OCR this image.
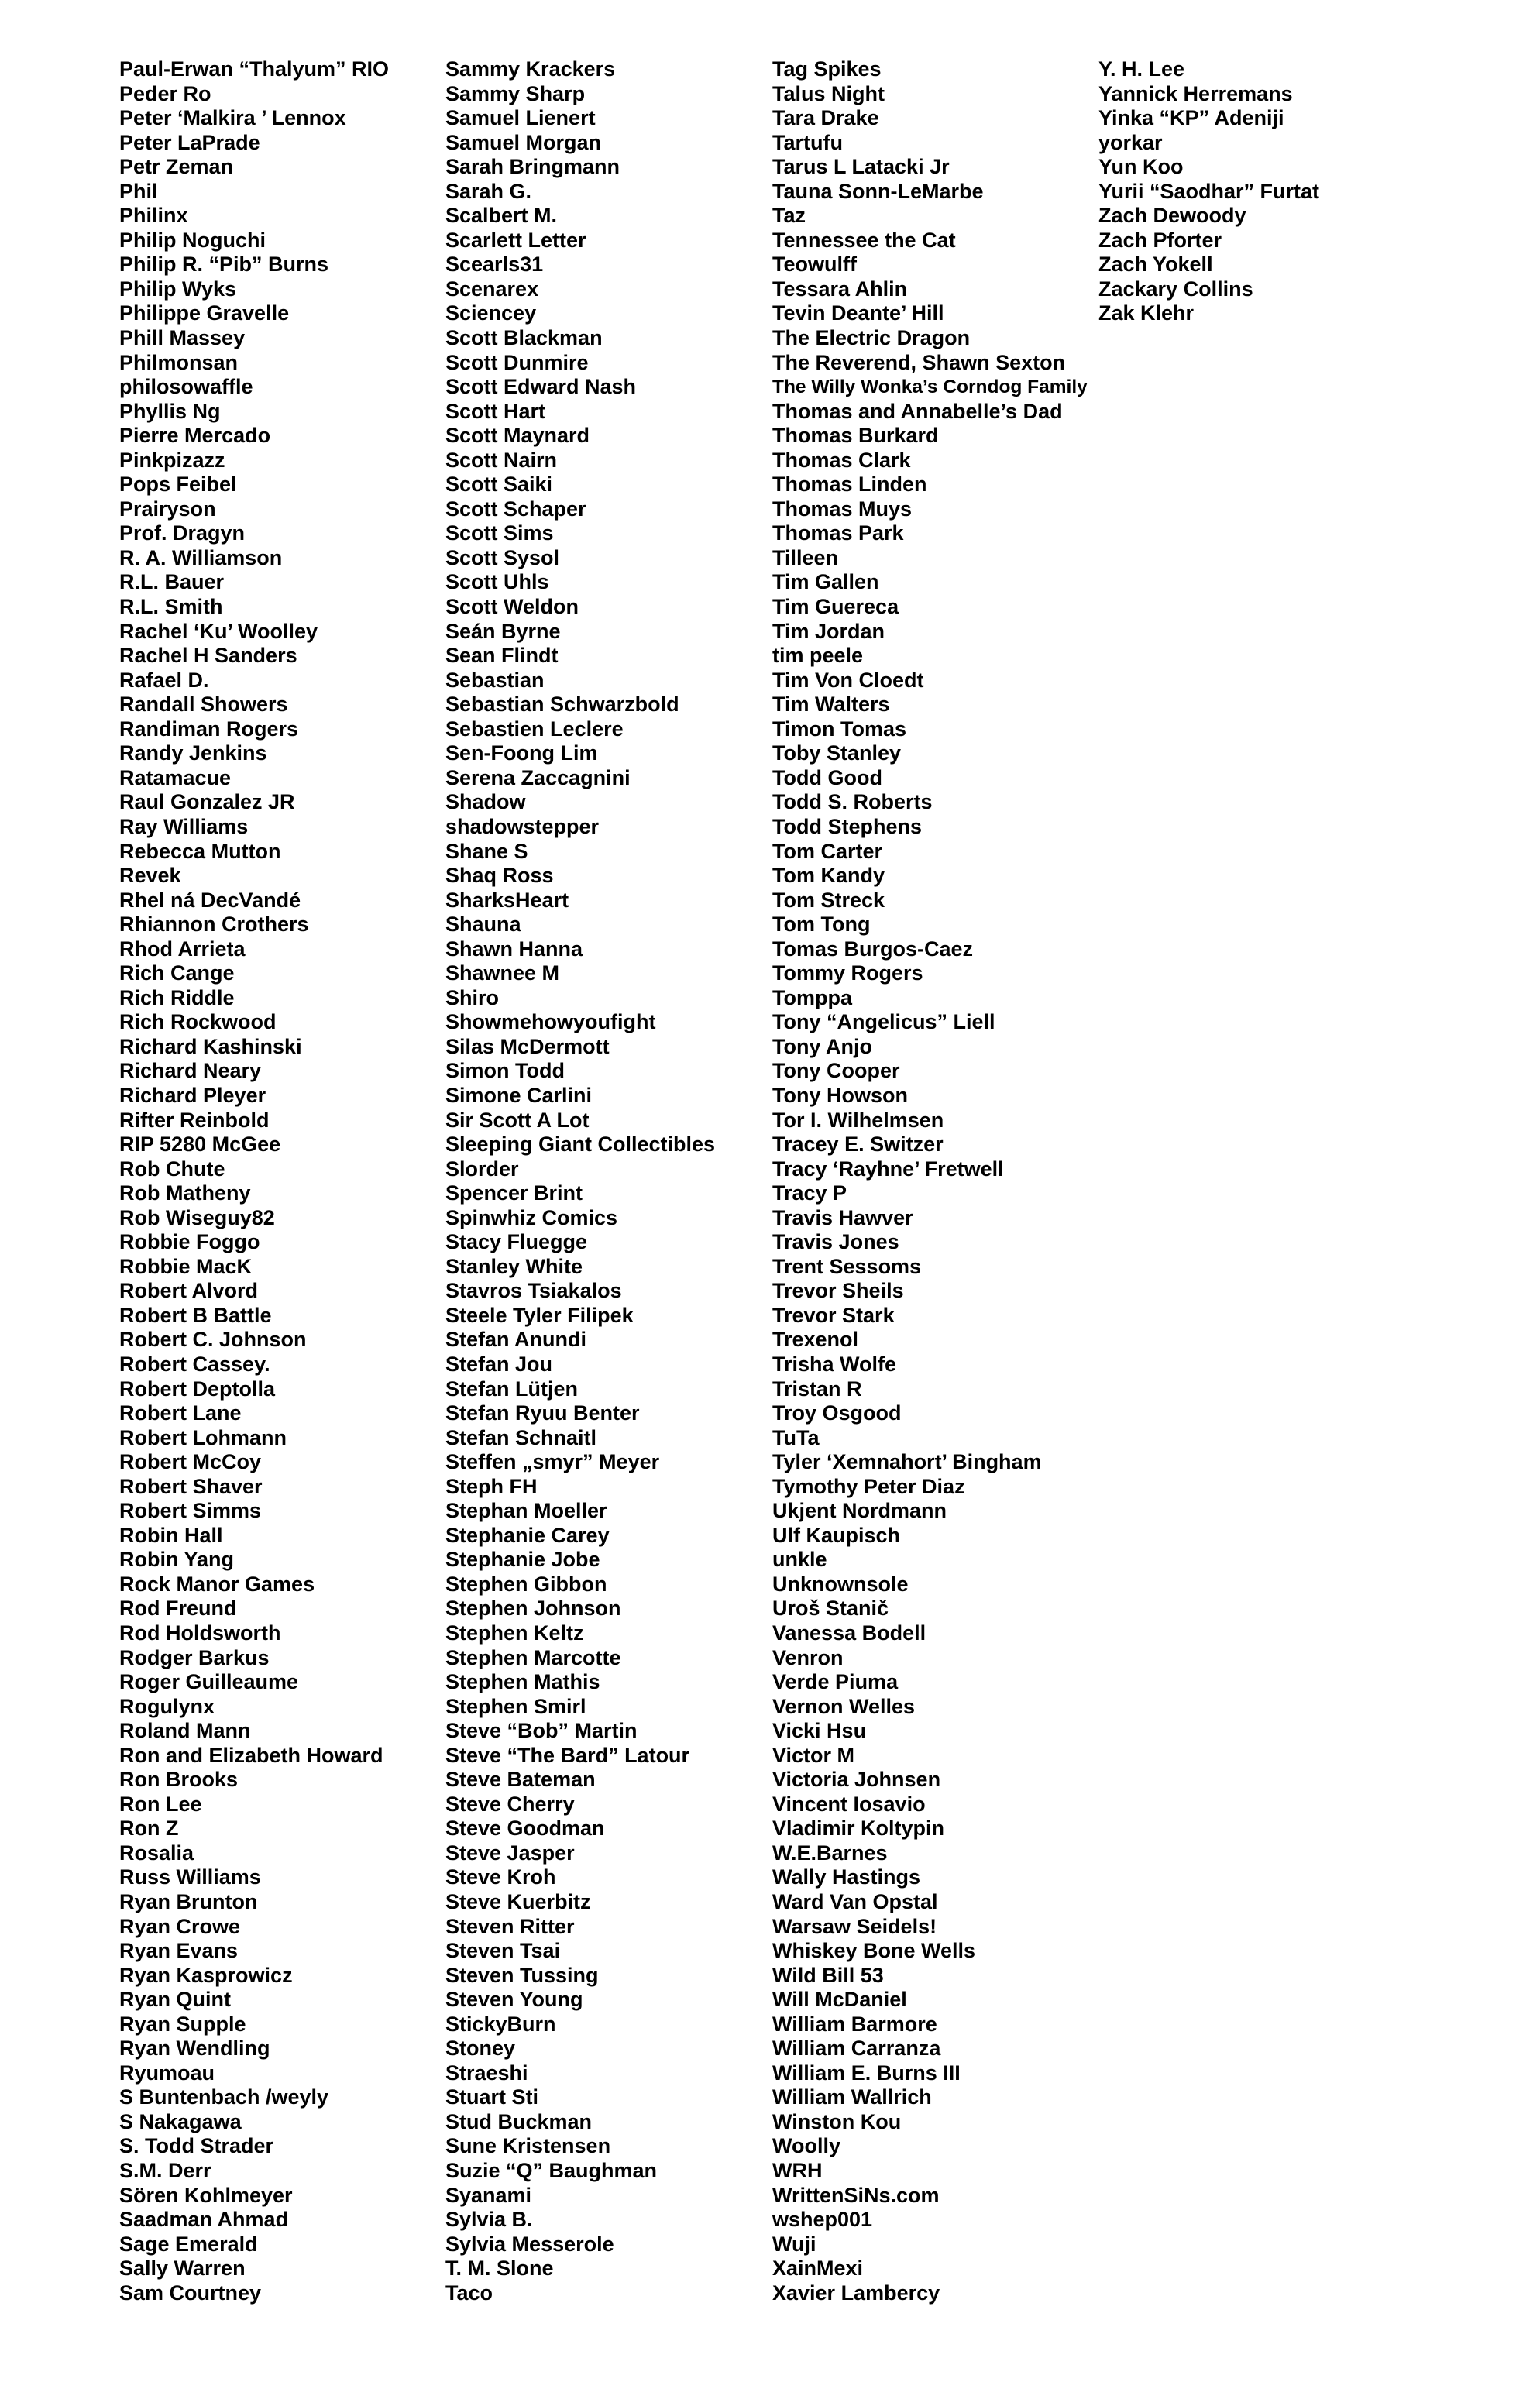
Paul-Erwan “Thalyum” RIO
Peder Ro
Peter ‘Malkira ’ Lennox
Peter LaPrade
Petr Zeman
Phil
Philinx
Philip Noguchi
Philip R. “Pib” Burns
Philip Wyks
Philippe Gravelle
Phill Massey
Philmonsan
philosowaffle
Phyllis Ng
Pierre Mercado
Pinkpizazz
Pops Feibel
Prairyson
Prof. Dragyn
R. A. Williamson
R.L. Bauer
R.L. Smith
Rachel ‘Ku’ Woolley
Rachel H Sanders
Rafael D.
Randall Showers
Randiman Rogers
Randy Jenkins
Ratamacue
Raul Gonzalez JR
Ray Williams
Rebecca Mutton
Revek
Rhel ná DecVandé
Rhiannon Crothers
Rhod Arrieta
Rich Cange
Rich Riddle
Rich Rockwood
Richard Kashinski
Richard Neary
Richard Pleyer
Rifter Reinbold
RIP 5280 McGee
Rob Chute
Rob Matheny
Rob Wiseguy82
Robbie Foggo
Robbie MacK
Robert Alvord
Robert B Battle
Robert C. Johnson
Robert Cassey.
Robert Deptolla
Robert Lane
Robert Lohmann
Robert McCoy
Robert Shaver
Robert Simms
Robin Hall
Robin Yang
Rock Manor Games
Rod Freund
Rod Holdsworth
Rodger Barkus
Roger Guilleaume
Rogulynx
Roland Mann
Ron and Elizabeth Howard
Ron Brooks
Ron Lee
Ron Z
Rosalia
Russ Williams
Ryan Brunton
Ryan Crowe
Ryan Evans
Ryan Kasprowicz
Ryan Quint
Ryan Supple
Ryan Wendling
Ryumoau
S Buntenbach /weyly
S Nakagawa
S. Todd Strader
S.M. Derr
Sören Kohlmeyer
Saadman Ahmad
Sage Emerald
Sally Warren
Sam Courtney
Sammy Krackers
Sammy Sharp
Samuel Lienert
Samuel Morgan
Sarah Bringmann
Sarah G.
Scalbert M.
Scarlett Letter
Scearls31
Scenarex
Sciencey
Scott Blackman
Scott Dunmire
Scott Edward Nash
Scott Hart
Scott Maynard
Scott Nairn
Scott Saiki
Scott Schaper
Scott Sims
Scott Sysol
Scott Uhls
Scott Weldon
Seán Byrne
Sean Flindt
Sebastian
Sebastian Schwarzbold
Sebastien Leclere
Sen-Foong Lim
Serena Zaccagnini
Shadow
shadowstepper
Shane S
Shaq Ross
SharksHeart
Shauna
Shawn Hanna
Shawnee M
Shiro
Showmehowyoufight
Silas McDermott
Simon Todd
Simone Carlini
Sir Scott A Lot
Sleeping Giant Collectibles
Slorder
Spencer Brint
Spinwhiz Comics
Stacy Fluegge
Stanley White
Stavros Tsiakalos
Steele Tyler Filipek
Stefan Anundi
Stefan Jou
Stefan Lütjen
Stefan Ryuu Benter
Stefan Schnaitl
Steffen „smyr” Meyer
Steph FH
Stephan Moeller
Stephanie Carey
Stephanie Jobe
Stephen Gibbon
Stephen Johnson
Stephen Keltz
Stephen Marcotte
Stephen Mathis
Stephen Smirl
Steve “Bob” Martin
Steve “The Bard” Latour
Steve Bateman
Steve Cherry
Steve Goodman
Steve Jasper
Steve Kroh
Steve Kuerbitz
Steven Ritter
Steven Tsai
Steven Tussing
Steven Young
StickyBurn
Stoney
Straeshi
Stuart Sti
Stud Buckman
Sune Kristensen
Suzie “Q” Baughman
Syanami
Sylvia B.
Sylvia Messerole
T. M. Slone
Taco
Tag Spikes
Talus Night
Tara Drake
Tartufu
Tarus L Latacki Jr
Tauna Sonn-LeMarbe
Taz
Tennessee the Cat
Teowulff
Tessara Ahlin
Tevin Deante’ Hill
The Electric Dragon
The Reverend, Shawn Sexton
The Willy Wonka’s Corndog Family
Thomas and Annabelle’s Dad
Thomas Burkard
Thomas Clark
Thomas Linden
Thomas Muys
Thomas Park
Tilleen
Tim Gallen
Tim Guereca
Tim Jordan
tim peele
Tim Von Cloedt
Tim Walters
Timon Tomas
Toby Stanley
Todd Good
Todd S. Roberts
Todd Stephens
Tom Carter
Tom Kandy
Tom Streck
Tom Tong
Tomas Burgos-Caez
Tommy Rogers
Tomppa
Tony “Angelicus” Liell
Tony Anjo
Tony Cooper
Tony Howson
Tor I. Wilhelmsen
Tracey E. Switzer
Tracy ‘Rayhne’ Fretwell
Tracy P
Travis Hawver
Travis Jones
Trent Sessoms
Trevor Sheils
Trevor Stark
Trexenol
Trisha Wolfe
Tristan R
Troy Osgood
TuTa
Tyler ‘Xemnahort’ Bingham
Tymothy Peter Diaz
Ukjent Nordmann
Ulf Kaupisch
unkle
Unknownsole
Uroš Stanič
Vanessa Bodell
Venron
Verde Piuma
Vernon Welles
Vicki Hsu
Victor M
Victoria Johnsen
Vincent Iosavio
Vladimir Koltypin
W.E.Barnes
Wally Hastings
Ward Van Opstal
Warsaw Seidels!
Whiskey Bone Wells
Wild Bill 53
Will McDaniel
William Barmore
William Carranza
William E. Burns III
William Wallrich
Winston Kou
Woolly
WRH
WrittenSiNs.com
wshep001
Wuji
XainMexi
Xavier Lambercy
Y. H. Lee
Yannick Herremans
Yinka “KP” Adeniji
yorkar
Yun Koo
Yurii “Saodhar” Furtat
Zach Dewoody
Zach Pforter
Zach Yokell
Zackary Collins
Zak Klehr
